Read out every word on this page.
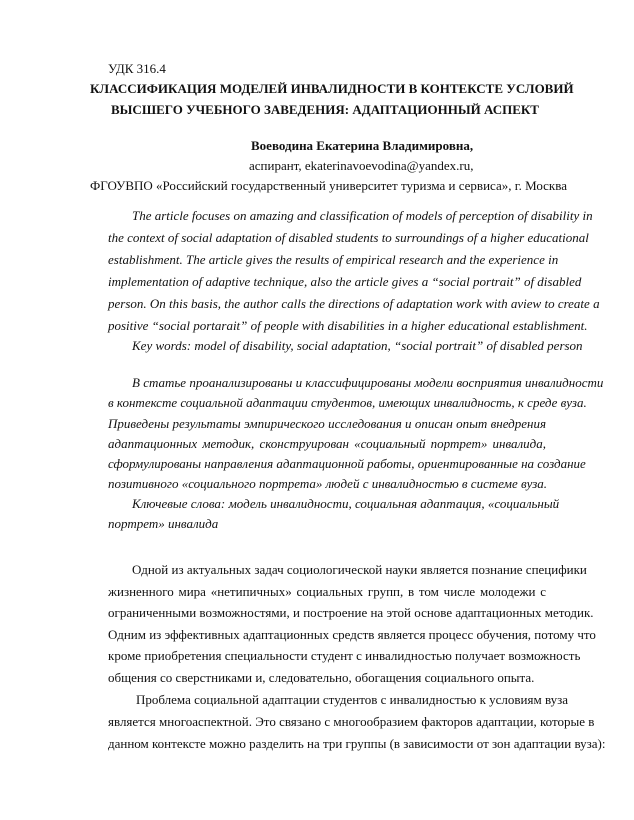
УДК 316.4
КЛАССИФИКАЦИЯ МОДЕЛЕЙ ИНВАЛИДНОСТИ В КОНТЕКСТЕ УСЛОВИЙ
ВЫСШЕГО УЧЕБНОГО ЗАВЕДЕНИЯ: АДАПТАЦИОННЫЙ АСПЕКТ
Воеводина Екатерина Владимировна,
аспирант, ekaterinavoevodina@yandex.ru,
ФГОУВПО «Российский государственный университет туризма и сервиса», г. Москва
The article focuses on amazing and classification of models of perception of disability in
the context of social adaptation of disabled students to surroundings of a higher educational
establishment. The article gives the results of empirical research and the experience in
implementation of adaptive technique, also the article gives a “social portrait” of disabled
person. On this basis, the author calls the directions of adaptation work with aview to create a
positive “social portarait” of people with disabilities in a higher educational establishment.
Key words: model of disability, social adaptation, “social portrait” of disabled person
В статье проанализированы и классифицированы модели восприятия инвалидности
в контексте социальной адаптации студентов, имеющих инвалидность, к среде вуза.
Приведены результаты эмпирического исследования и описан опыт внедрения
адаптационных методик, сконструирован «социальный портрет» инвалида,
сформулированы направления адаптационной работы, ориентированные на создание
позитивного «социального портрета» людей с инвалидностью в системе вуза.
Ключевые слова: модель инвалидности, социальная адаптация, «социальный
портрет» инвалида
Одной из актуальных задач социологической науки является познание специфики
жизненного мира «нетипичных» социальных групп, в том числе молодежи с
ограниченными возможностями, и построение на этой основе адаптационных методик.
Одним из эффективных адаптационных средств является процесс обучения, потому что
кроме приобретения специальности студент с инвалидностью получает возможность
общения со сверстниками и, следовательно, обогащения социального опыта.
Проблема социальной адаптации студентов с инвалидностью к условиям вуза
является многоаспектной. Это связано с многообразием факторов адаптации, которые в
данном контексте можно разделить на три группы (в зависимости от зон адаптации вуза):
